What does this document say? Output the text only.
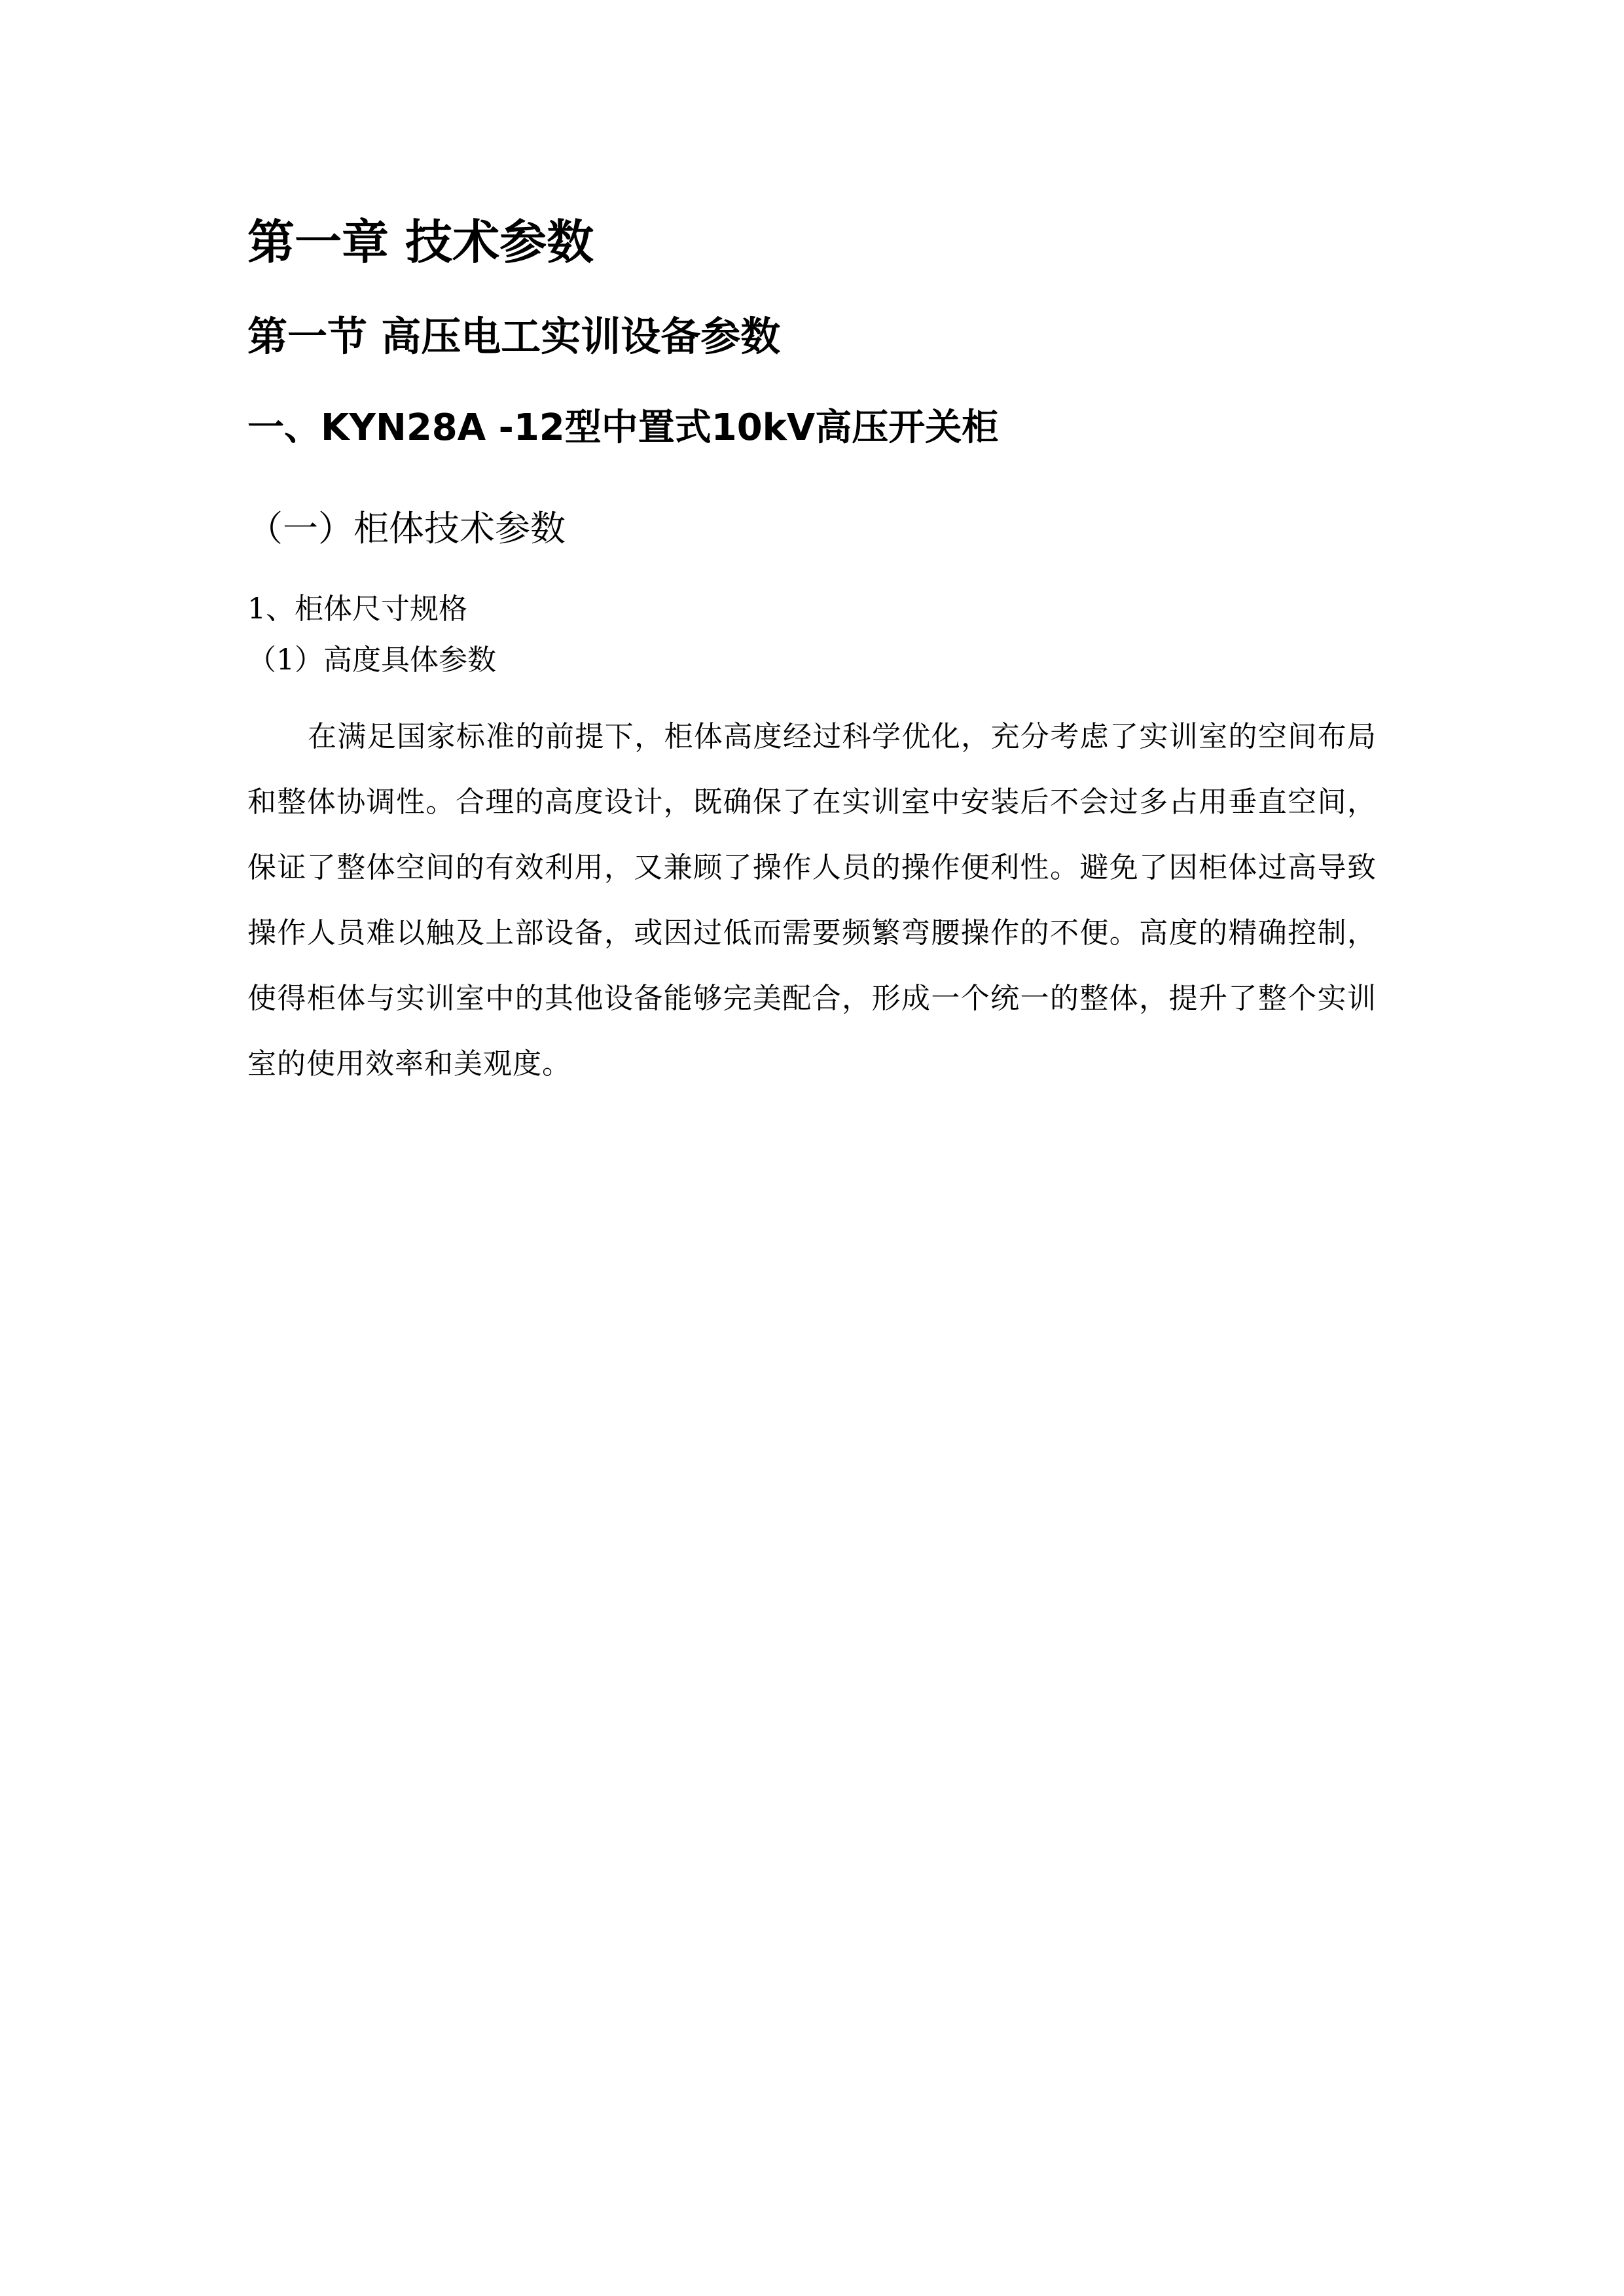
第一章 技术参数
第一节 高压电工实训设备参数
一、KYN28A -12型中置式10kV高压开关柜
（一）柜体技术参数
1、柜体尺寸规格
（1）高度具体参数

在满足国家标准的前提下，柜体高度经过科学优化，充分考虑了实训室的空间布局和整体协调性。合理的高度设计，既确保了在实训室中安装后不会过多占用垂直空间，保证了整体空间的有效利用，又兼顾了操作人员的操作便利性。避免了因柜体过高导致操作人员难以触及上部设备，或因过低而需要频繁弯腰操作的不便。高度的精确控制，使得柜体与实训室中的其他设备能够完美配合，形成一个统一的整体，提升了整个实训室的使用效率和美观度。
